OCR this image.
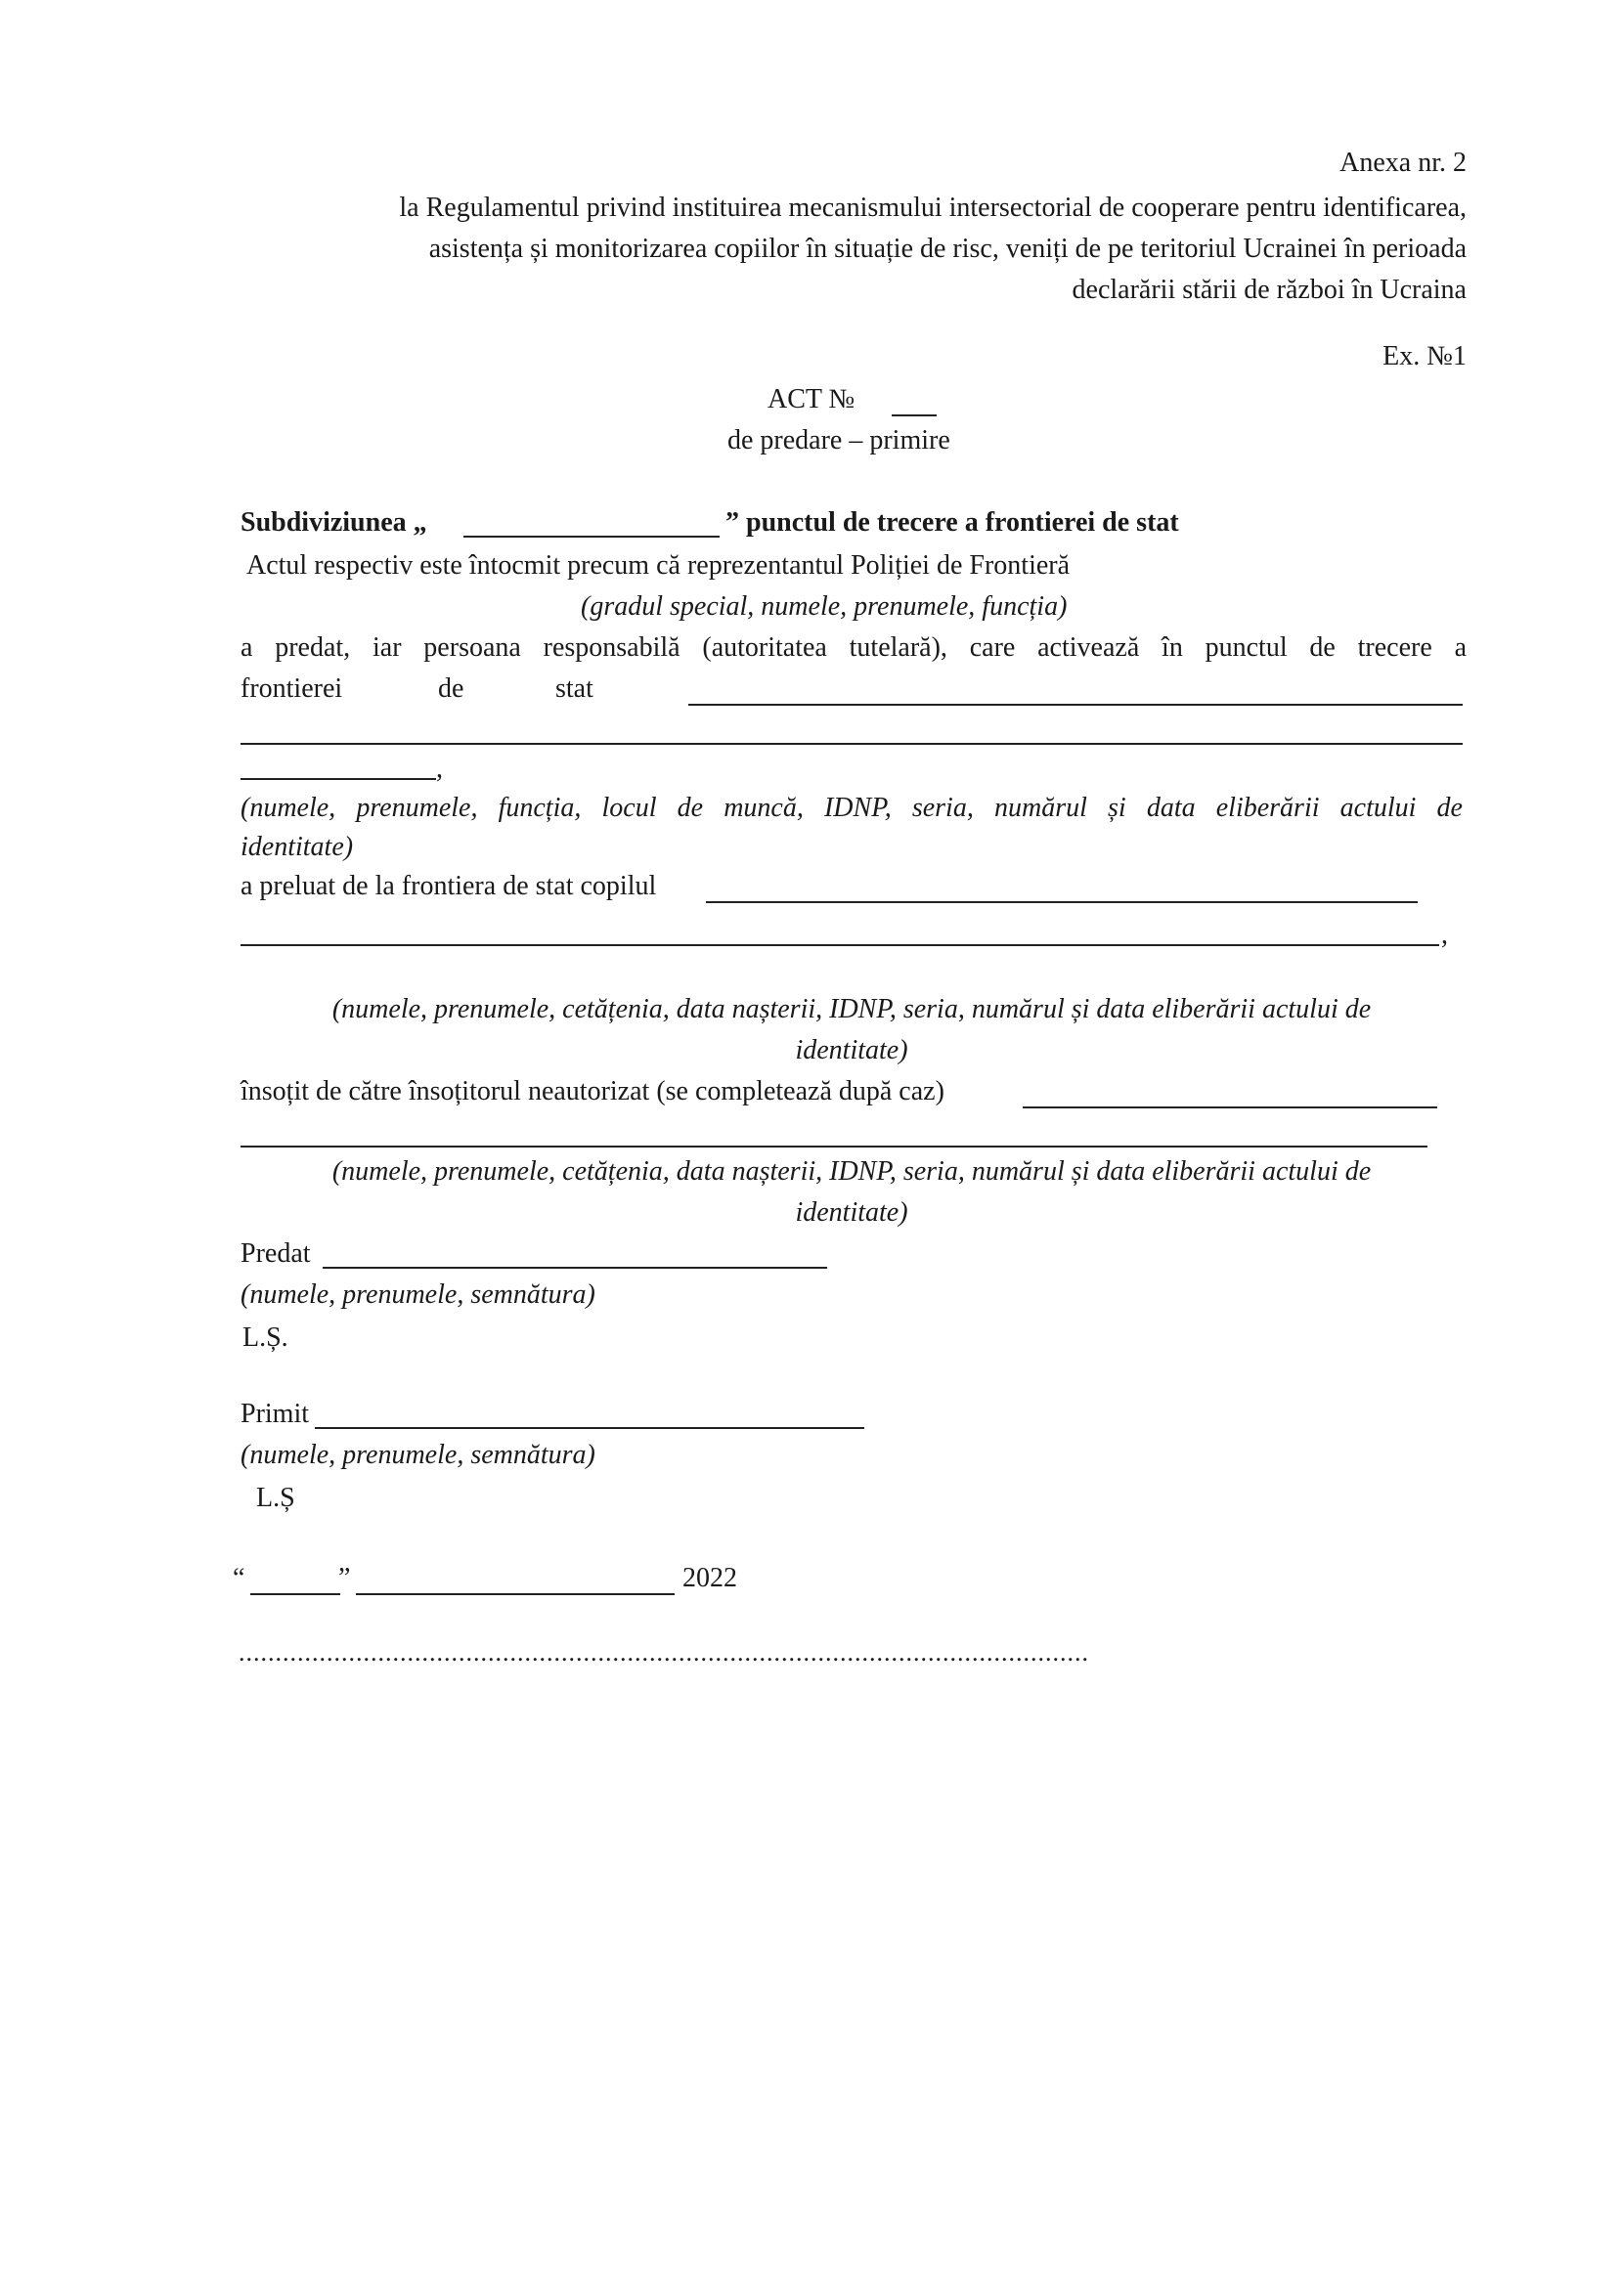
Anexa nr. 2
la Regulamentul privind instituirea mecanismului intersectorial de cooperare pentru identificarea,
asistența și monitorizarea copiilor în situație de risc, veniți de pe teritoriul Ucrainei în perioada
declarării stării de război în Ucraina
Ex. №1
ACT №
de predare – primire
Subdiviziunea „	” punctul de trecere a frontierei de stat
Actul respectiv este întocmit precum că reprezentantul Poliției de Frontieră
(gradul special, numele, prenumele, funcția)
a predat, iar persoana responsabilă (autoritatea tutelară), care activează în punctul de trecere a
frontierei	de	stat
,
(numele, prenumele, funcția, locul de muncă, IDNP, seria, numărul și data eliberării actului de
identitate)
a preluat de la frontiera de stat copilul
,
(numele, prenumele, cetățenia, data nașterii, IDNP, seria, numărul și data eliberării actului de
identitate)
însoțit de către însoțitorul neautorizat (se completează după caz)
(numele, prenumele, cetățenia, data nașterii, IDNP, seria, numărul și data eliberării actului de
identitate)
Predat
(numele, prenumele, semnătura)
L.Ș.
Primit
(numele, prenumele, semnătura)
L.Ș
“	”	2022
....................................................................................................................
